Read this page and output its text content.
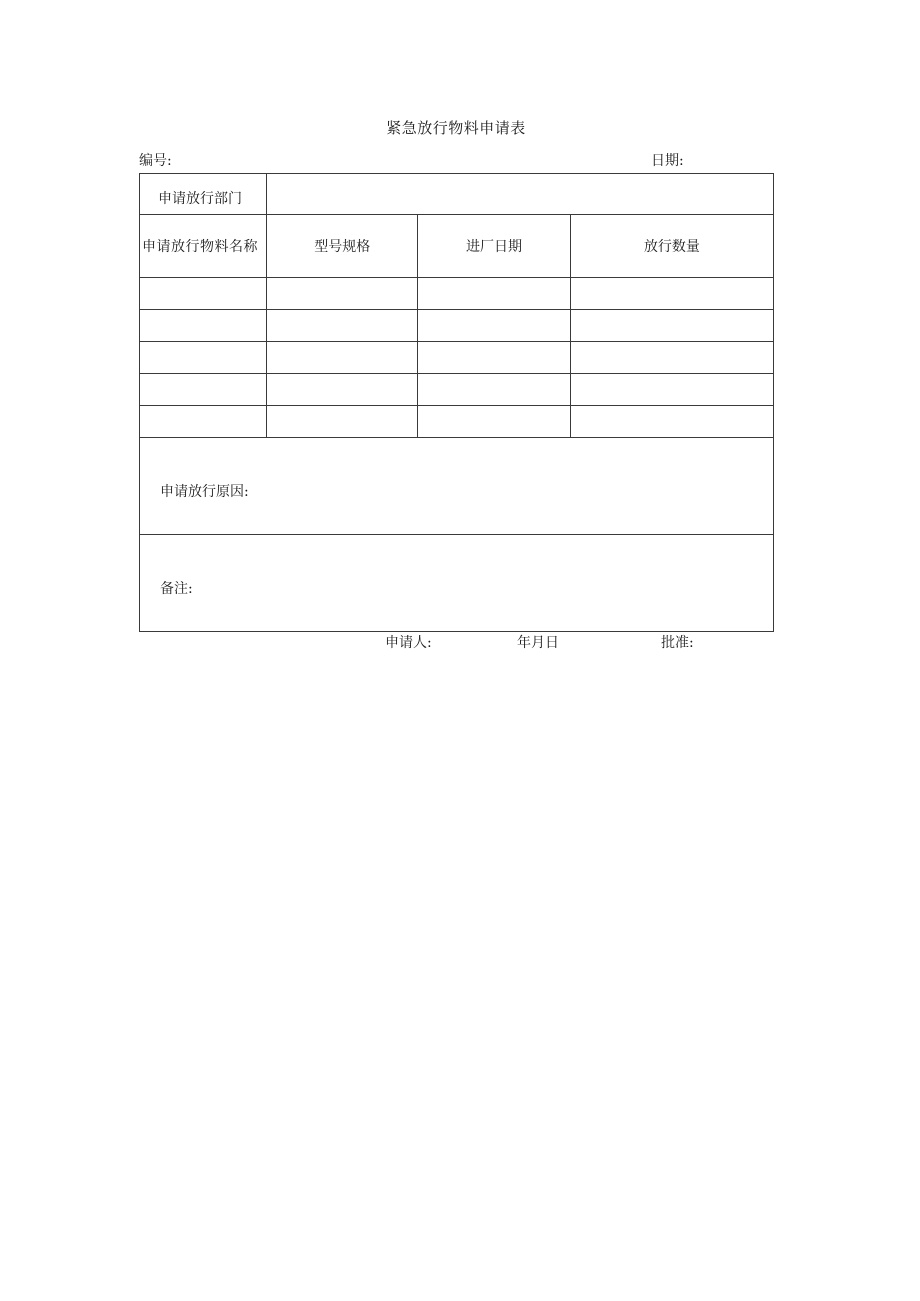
紧急放行物料申请表
编号:	日期:
申请放行部门			
申请放行物料名称	型号规格	进厂日期	放行数量

申请放行原因:			

备注:			
申请人:	年月日	批准:
